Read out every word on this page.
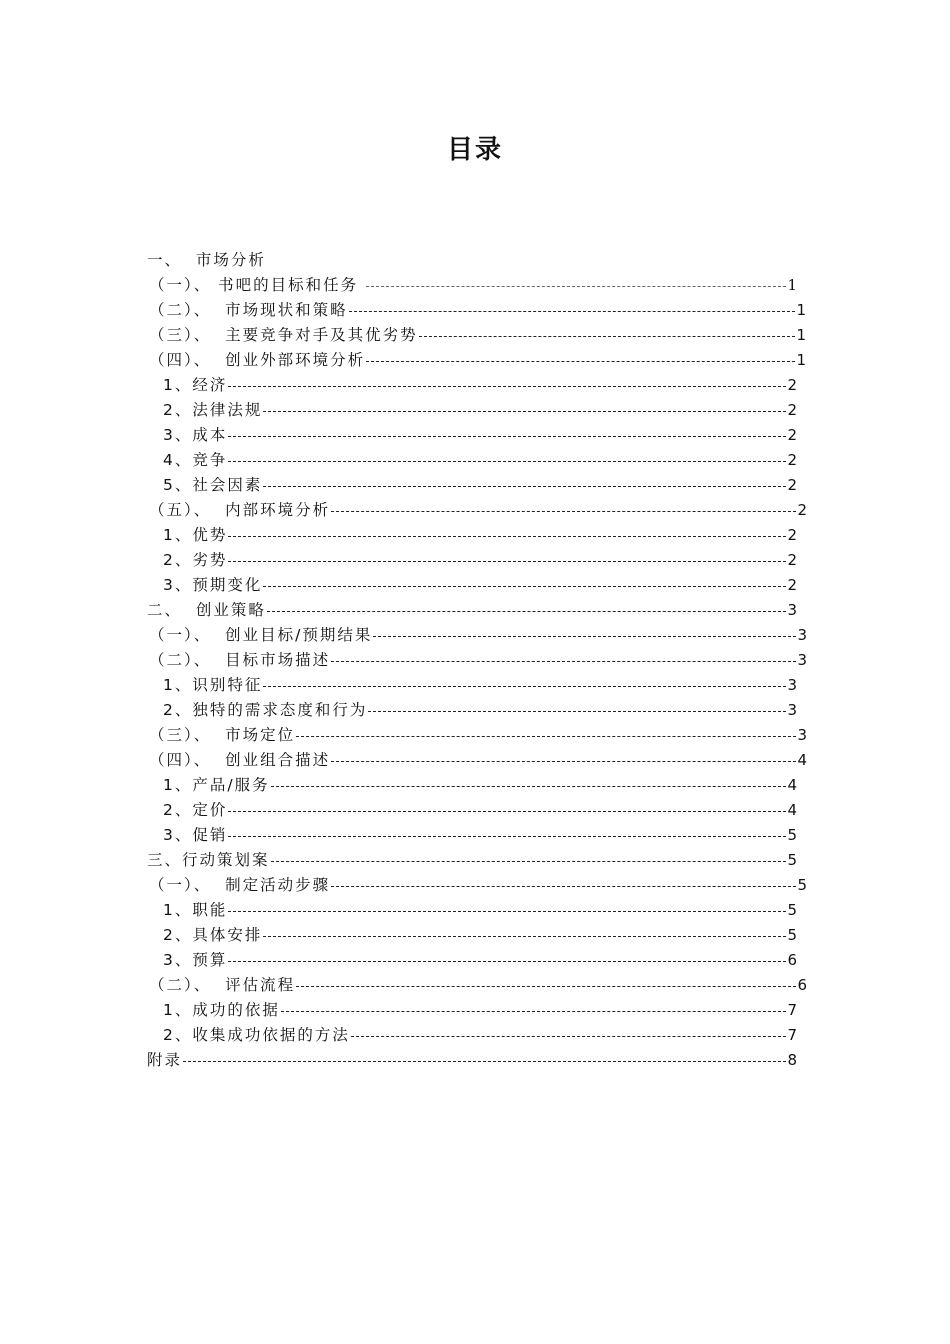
目录
一、  市场分析
（一）、 书吧的目标和任务	1
（二）、  市场现状和策略	1
（三）、  主要竞争对手及其优劣势	1
（四）、  创业外部环境分析	1
1、经济	2
2、法律法规	2
3、成本	2
4、竞争	2
5、社会因素	2
（五）、  内部环境分析	2
1、优势	2
2、劣势	2
3、预期变化	2
二、  创业策略	3
（一）、  创业目标/预期结果	3
（二）、  目标市场描述	3
1、识别特征	3
2、独特的需求态度和行为	3
（三）、  市场定位	3
（四）、  创业组合描述	4
1、产品/服务	4
2、定价	4
3、促销	5
三、行动策划案	5
（一）、  制定活动步骤	5
1、职能	5
2、具体安排	5
3、预算	6
（二）、  评估流程	6
1、成功的依据	7
2、收集成功依据的方法	7
附录	8
